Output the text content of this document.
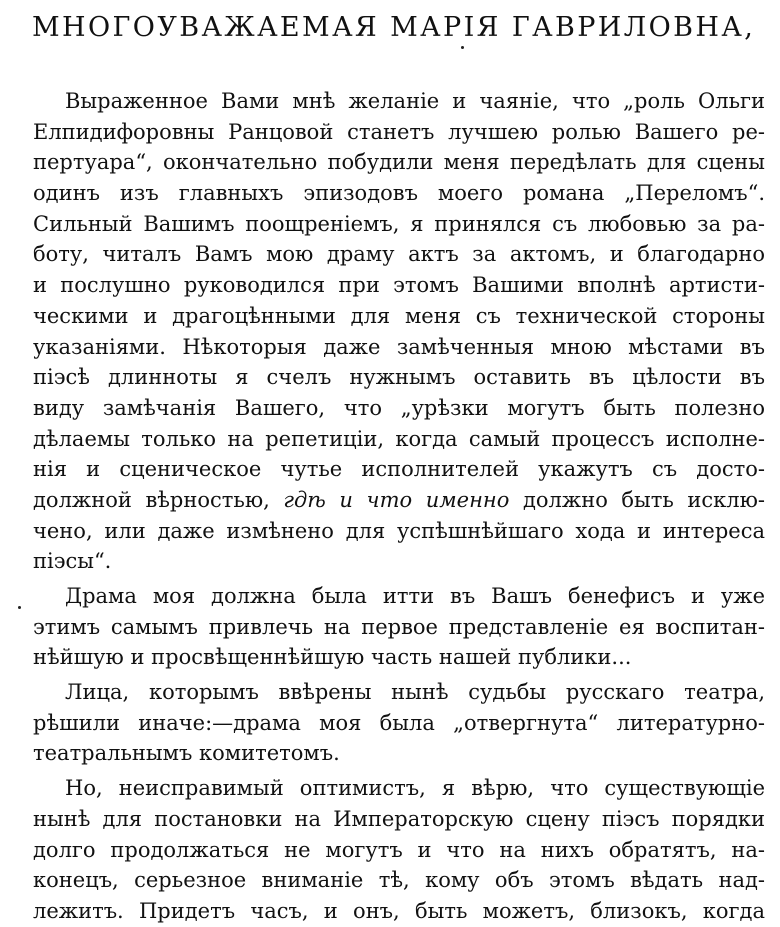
МНОГОУВАЖАЕМАЯ МАРІЯ ГАВРИЛОВНА,
Выраженное Вами мнѣ желаніе и чаяніе, что „роль Ольги
Елпидифоровны Ранцовой станетъ лучшею ролью Вашего ре-
пертуара“, окончательно побудили меня передѣлать для сцены
одинъ изъ главныхъ эпизодовъ моего романа „Переломъ“.
Сильный Вашимъ поощреніемъ, я принялся съ любовью за ра-
боту, читалъ Вамъ мою драму актъ за актомъ, и благодарно
и послушно руководился при этомъ Вашими вполнѣ артисти-
ческими и драгоцѣнными для меня съ технической стороны
указаніями. Нѣкоторыя даже замѣченныя мною мѣстами въ
піэсѣ длинноты я счелъ нужнымъ оставить въ цѣлости въ
виду замѣчанія Вашего, что „урѣзки могутъ быть полезно
дѣлаемы только на репетиціи, когда самый процессъ исполне-
нія и сценическое чутье исполнителей укажутъ съ досто-
должной вѣрностью, гдѣ и что именно должно быть исклю-
чено, или даже измѣнено для успѣшнѣйшаго хода и интереса
піэсы“.
Драма моя должна была итти въ Вашъ бенефисъ и уже
этимъ самымъ привлечь на первое представленіе ея воспитан-
нѣйшую и просвѣщеннѣйшую часть нашей публики...
Лица, которымъ ввѣрены нынѣ судьбы русскаго театра,
рѣшили иначе:—драма моя была „отвергнута“ литературно-
театральнымъ комитетомъ.
Но, неисправимый оптимистъ, я вѣрю, что существующіе
нынѣ для постановки на Императорскую сцену піэсъ порядки
долго продолжаться не могутъ и что на нихъ обратятъ, на-
конецъ, серьезное вниманіе тѣ, кому объ этомъ вѣдать над-
лежитъ. Придетъ часъ, и онъ, быть можетъ, близокъ, когда
